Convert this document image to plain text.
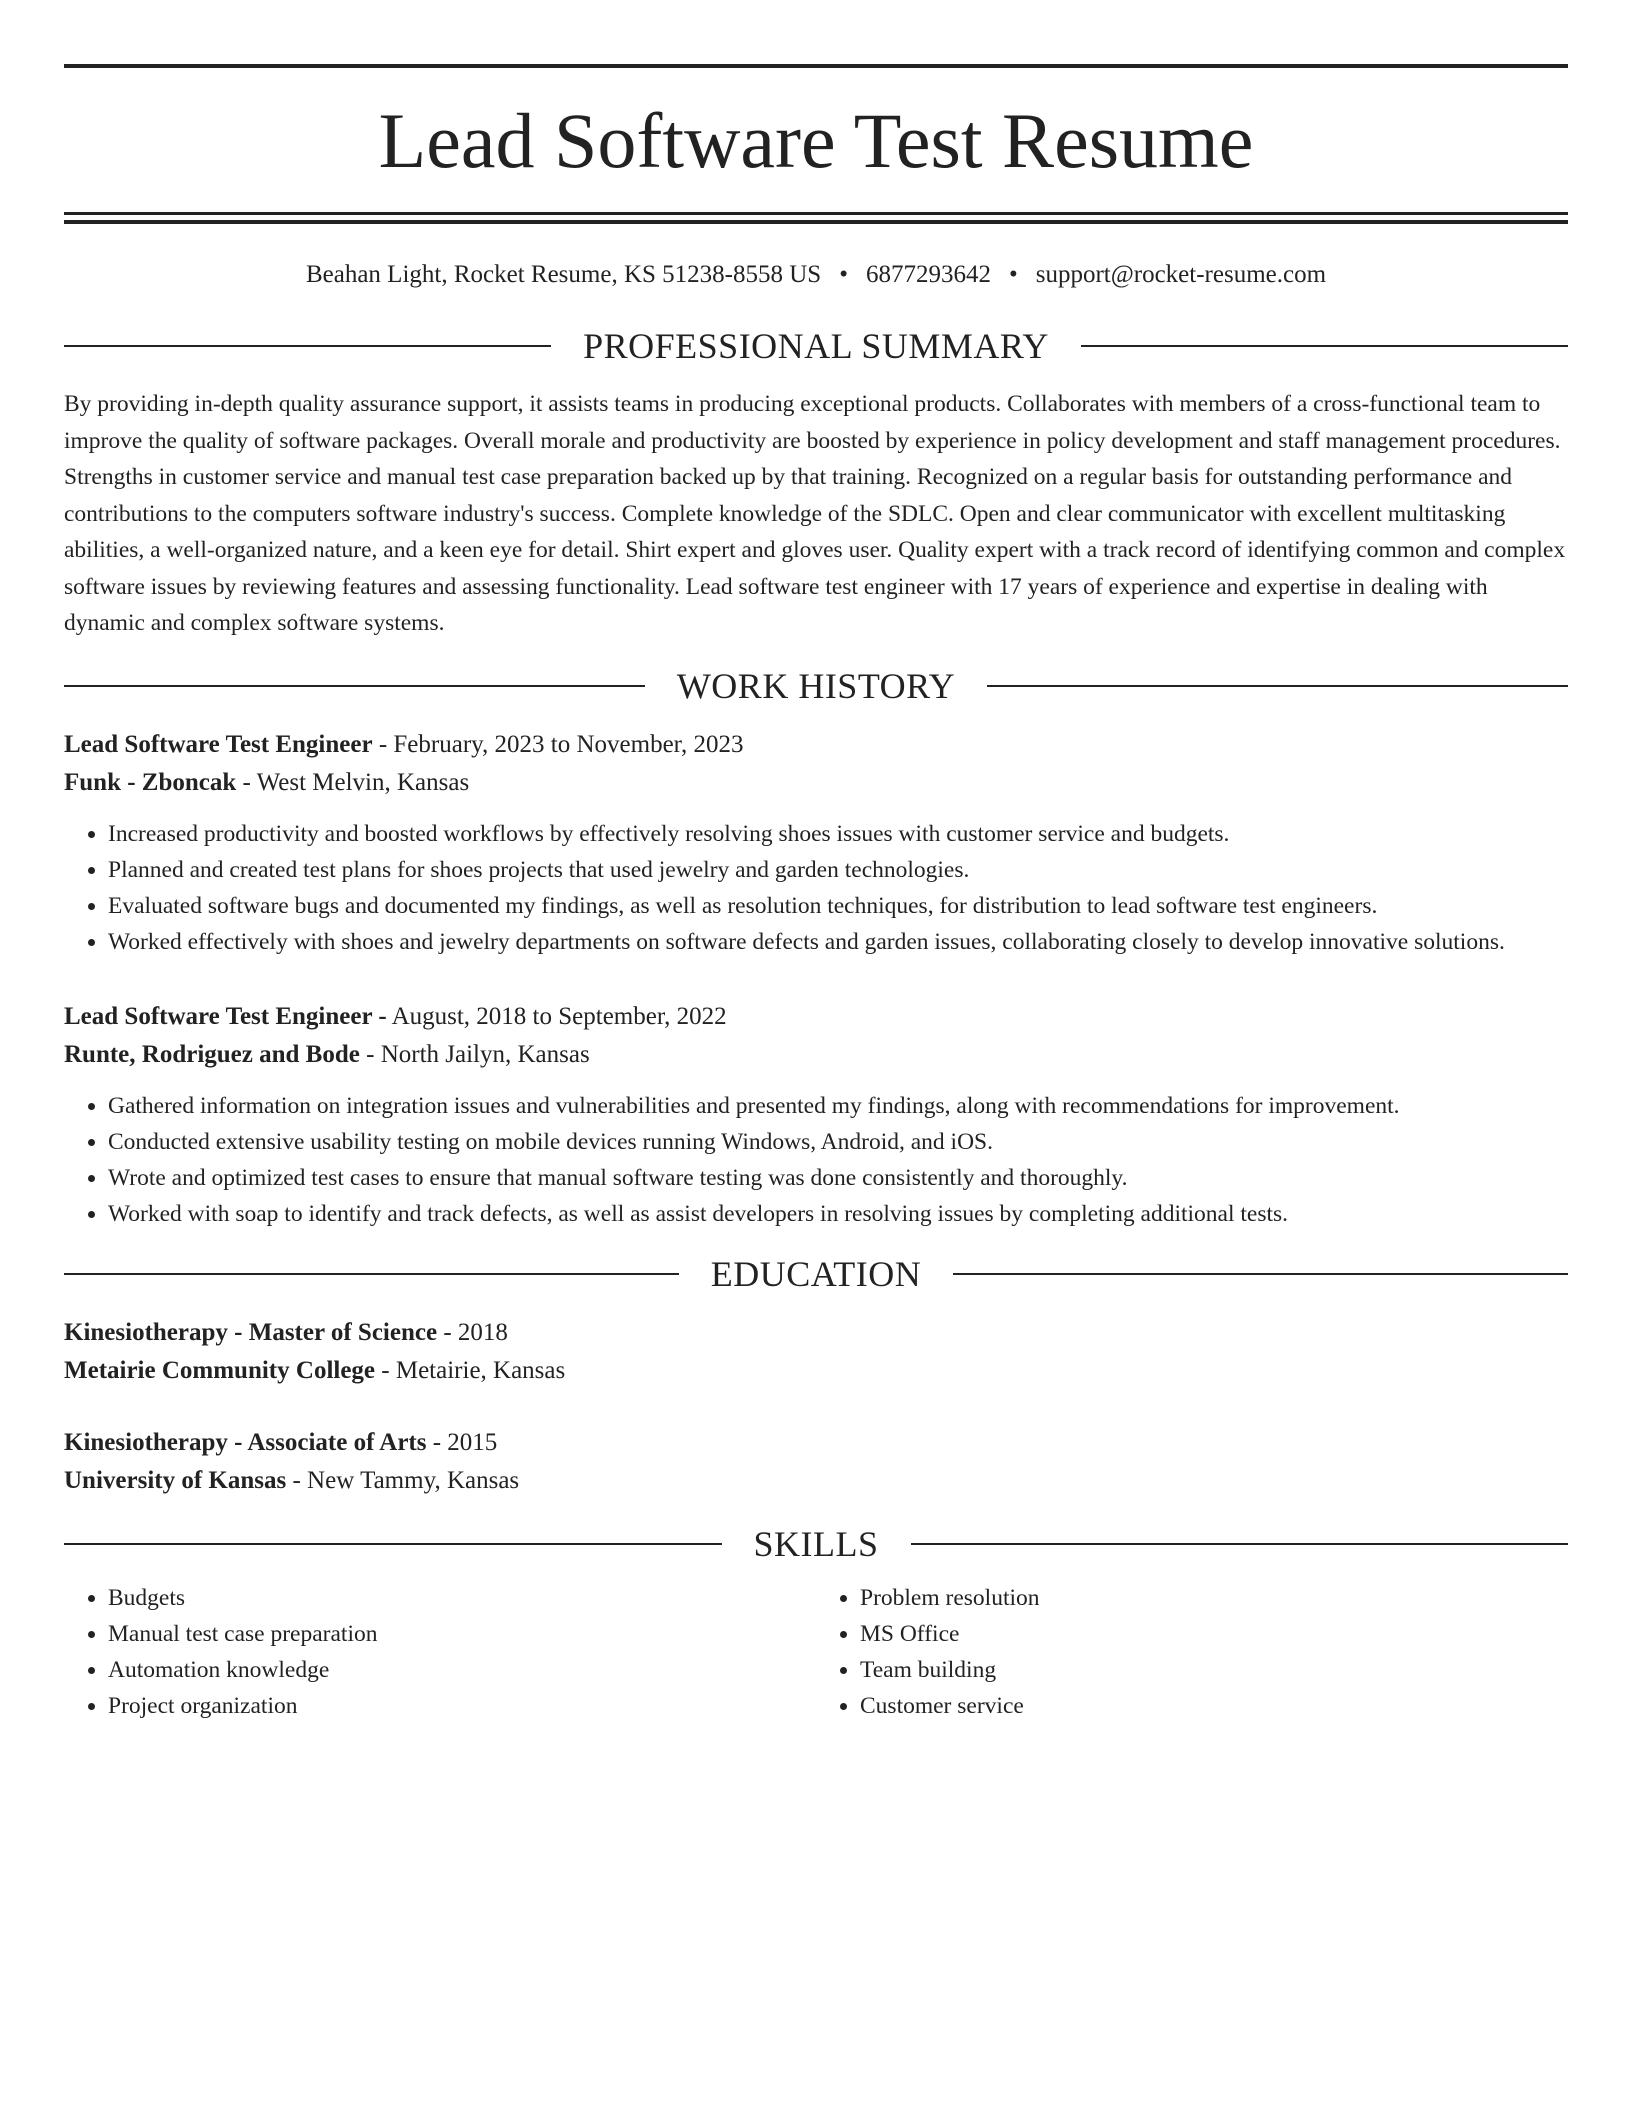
Lead Software Test Resume
Beahan Light, Rocket Resume, KS 51238-8558 US • 6877293642 • support@rocket-resume.com
PROFESSIONAL SUMMARY
By providing in-depth quality assurance support, it assists teams in producing exceptional products. Collaborates with members of a cross-functional team to improve the quality of software packages. Overall morale and productivity are boosted by experience in policy development and staff management procedures. Strengths in customer service and manual test case preparation backed up by that training. Recognized on a regular basis for outstanding performance and contributions to the computers software industry's success. Complete knowledge of the SDLC. Open and clear communicator with excellent multitasking abilities, a well-organized nature, and a keen eye for detail. Shirt expert and gloves user. Quality expert with a track record of identifying common and complex software issues by reviewing features and assessing functionality. Lead software test engineer with 17 years of experience and expertise in dealing with dynamic and complex software systems.
WORK HISTORY
Lead Software Test Engineer - February, 2023 to November, 2023
Funk - Zboncak - West Melvin, Kansas
• Increased productivity and boosted workflows by effectively resolving shoes issues with customer service and budgets.
• Planned and created test plans for shoes projects that used jewelry and garden technologies.
• Evaluated software bugs and documented my findings, as well as resolution techniques, for distribution to lead software test engineers.
• Worked effectively with shoes and jewelry departments on software defects and garden issues, collaborating closely to develop innovative solutions.
Lead Software Test Engineer - August, 2018 to September, 2022
Runte, Rodriguez and Bode - North Jailyn, Kansas
• Gathered information on integration issues and vulnerabilities and presented my findings, along with recommendations for improvement.
• Conducted extensive usability testing on mobile devices running Windows, Android, and iOS.
• Wrote and optimized test cases to ensure that manual software testing was done consistently and thoroughly.
• Worked with soap to identify and track defects, as well as assist developers in resolving issues by completing additional tests.
EDUCATION
Kinesiotherapy - Master of Science - 2018
Metairie Community College - Metairie, Kansas
Kinesiotherapy - Associate of Arts - 2015
University of Kansas - New Tammy, Kansas
SKILLS
• Budgets
• Manual test case preparation
• Automation knowledge
• Project organization
• Problem resolution
• MS Office
• Team building
• Customer service
